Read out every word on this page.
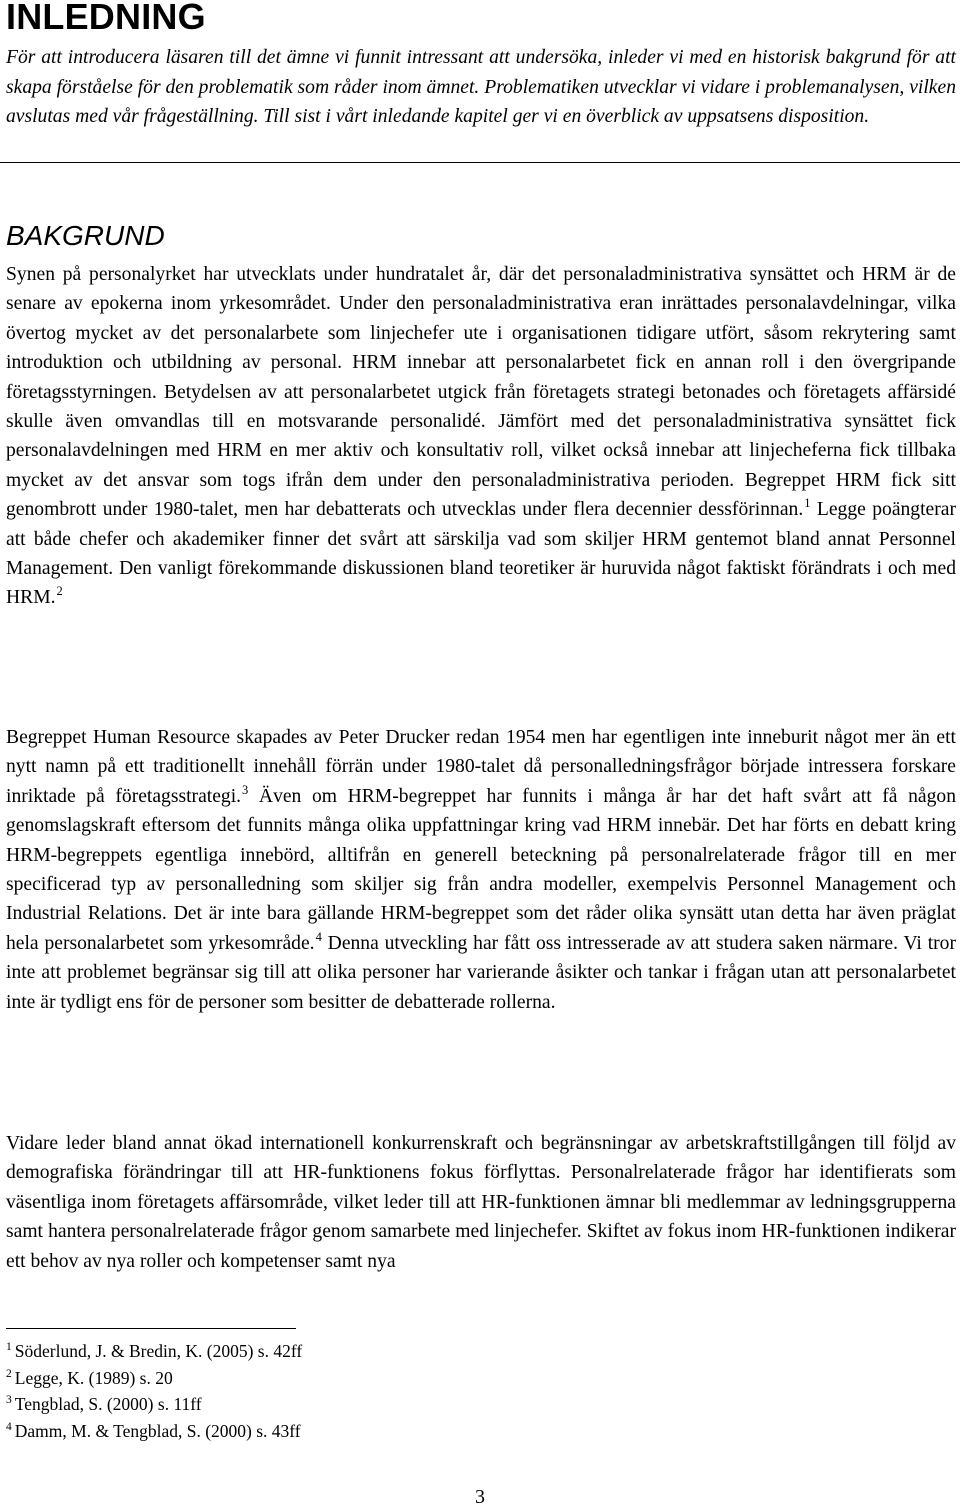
INLEDNING

För att introducera läsaren till det ämne vi funnit intressant att undersöka, inleder vi med en historisk bakgrund för att skapa förståelse för den problematik som råder inom ämnet. Problematiken utvecklar vi vidare i problemanalysen, vilken avslutas med vår frågeställning. Till sist i vårt inledande kapitel ger vi en överblick av uppsatsens disposition.

BAKGRUND

Synen på personalyrket har utvecklats under hundratalet år, där det personaladministrativa synsättet och HRM är de senare av epokerna inom yrkesområdet. Under den personaladministrativa eran inrättades personalavdelningar, vilka övertog mycket av det personalarbete som linjechefer ute i organisationen tidigare utfört, såsom rekrytering samt introduktion och utbildning av personal. HRM innebar att personalarbetet fick en annan roll i den övergripande företagsstyrningen. Betydelsen av att personalarbetet utgick från företagets strategi betonades och företagets affärsidé skulle även omvandlas till en motsvarande personalidé. Jämfört med det personaladministrativa synsättet fick personalavdelningen med HRM en mer aktiv och konsultativ roll, vilket också innebar att linjecheferna fick tillbaka mycket av det ansvar som togs ifrån dem under den personaladministrativa perioden. Begreppet HRM fick sitt genombrott under 1980-talet, men har debatterats och utvecklas under flera decennier dessförinnan.$^1$ Legge poängterar att både chefer och akademiker finner det svårt att särskilja vad som skiljer HRM gentemot bland annat Personnel Management. Den vanligt förekommande diskussionen bland teoretiker är huruvida något faktiskt förändrats i och med HRM.$^2$

Begreppet Human Resource skapades av Peter Drucker redan 1954 men har egentligen inte inneburit något mer än ett nytt namn på ett traditionellt innehåll förrän under 1980-talet då personalledningsfrågor började intressera forskare inriktade på företagsstrategi.$^3$ Även om HRM-begreppet har funnits i många år har det haft svårt att få någon genomslagskraft eftersom det funnits många olika uppfattningar kring vad HRM innebär. Det har förts en debatt kring HRM-begreppets egentliga innebörd, alltifrån en generell beteckning på personalrelaterade frågor till en mer specificerad typ av personalledning som skiljer sig från andra modeller, exempelvis Personnel Management och Industrial Relations. Det är inte bara gällande HRM-begreppet som det råder olika synsätt utan detta har även präglat hela personalarbetet som yrkesområde.$^4$ Denna utveckling har fått oss intresserade av att studera saken närmare. Vi tror inte att problemet begränsar sig till att olika personer har varierande åsikter och tankar i frågan utan att personalarbetet inte är tydligt ens för de personer som besitter de debatterade rollerna.

Vidare leder bland annat ökad internationell konkurrenskraft och begränsningar av arbetskraftstillgången till följd av demografiska förändringar till att HR-funktionens fokus förflyttas. Personalrelaterade frågor har identifierats som väsentliga inom företagets affärsområde, vilket leder till att HR-funktionen ämnar bli medlemmar av ledningsgrupperna samt hantera personalrelaterade frågor genom samarbete med linjechefer. Skiftet av fokus inom HR-funktionen indikerar ett behov av nya roller och kompetenser samt nya

$^1$ Söderlund, J. & Bredin, K. (2005) s. 42ff
$^2$ Legge, K. (1989) s. 20
$^3$ Tengblad, S. (2000) s. 11ff
$^4$ Damm, M. & Tengblad, S. (2000) s. 43ff
3
